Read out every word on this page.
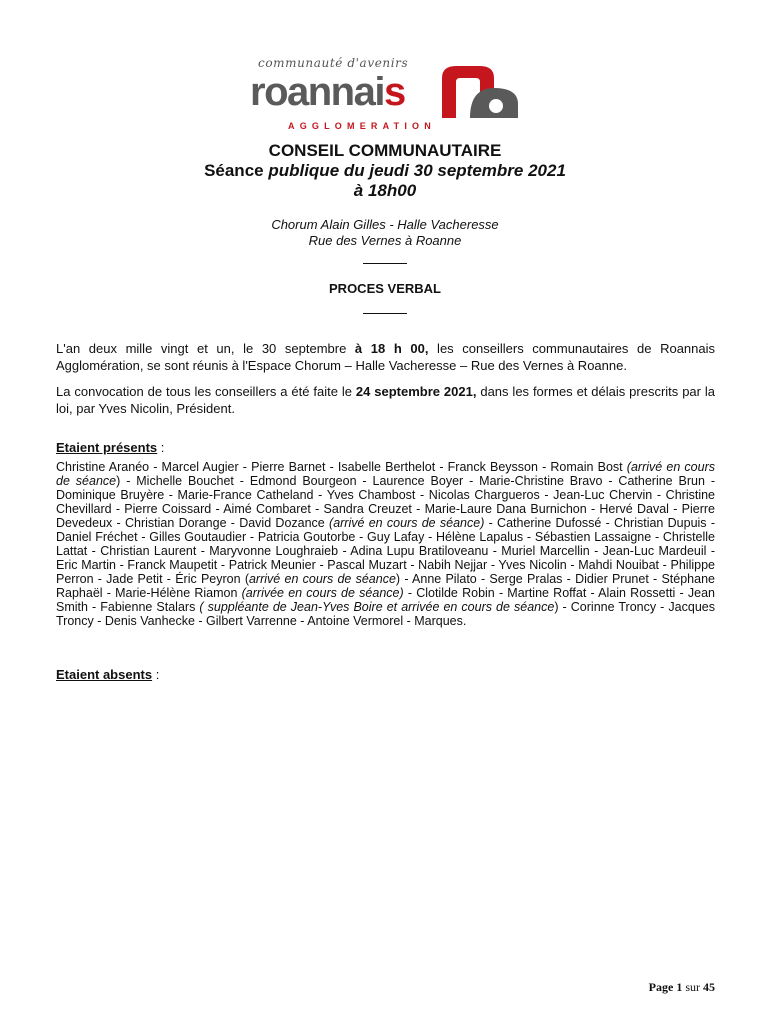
communauté d'avenirs
roannais
AGGLOMERATION
CONSEIL COMMUNAUTAIRE
Séance publique du jeudi 30 septembre 2021
à 18h00
Chorum Alain Gilles - Halle Vacheresse
Rue des Vernes à Roanne
PROCES VERBAL
L'an deux mille vingt et un, le 30 septembre à 18 h 00, les conseillers communautaires de Roannais Agglomération, se sont réunis à l'Espace Chorum – Halle Vacheresse – Rue des Vernes à Roanne.
La convocation de tous les conseillers a été faite le 24 septembre 2021, dans les formes et délais prescrits par la loi, par Yves Nicolin, Président.
Etaient présents :
Christine Aranéo - Marcel Augier - Pierre Barnet - Isabelle Berthelot - Franck Beysson - Romain Bost (arrivé en cours de séance) - Michelle Bouchet - Edmond Bourgeon - Laurence Boyer - Marie-Christine Bravo - Catherine Brun - Dominique Bruyère - Marie-France Catheland - Yves Chambost - Nicolas Chargueros - Jean-Luc Chervin - Christine Chevillard - Pierre Coissard - Aimé Combaret - Sandra Creuzet - Marie-Laure Dana Burnichon - Hervé Daval - Pierre Devedeux - Christian Dorange - David Dozance (arrivé en cours de séance) - Catherine Dufossé - Christian Dupuis - Daniel Fréchet - Gilles Goutaudier - Patricia Goutorbe - Guy Lafay - Hélène Lapalus - Sébastien Lassaigne - Christelle Lattat - Christian Laurent - Maryvonne Loughraieb - Adina Lupu Bratiloveanu - Muriel Marcellin - Jean-Luc Mardeuil - Eric Martin - Franck Maupetit - Patrick Meunier - Pascal Muzart - Nabih Nejjar - Yves Nicolin - Mahdi Nouibat - Philippe Perron - Jade Petit - Éric Peyron (arrivé en cours de séance) - Anne Pilato - Serge Pralas - Didier Prunet - Stéphane Raphaël - Marie-Hélène Riamon (arrivée en cours de séance) - Clotilde Robin - Martine Roffat - Alain Rossetti - Jean Smith - Fabienne Stalars ( suppléante de Jean-Yves Boire et arrivée en cours de séance) - Corinne Troncy - Jacques Troncy - Denis Vanhecke - Gilbert Varrenne - Antoine Vermorel - Marques.
Etaient absents :
Page 1 sur 45
